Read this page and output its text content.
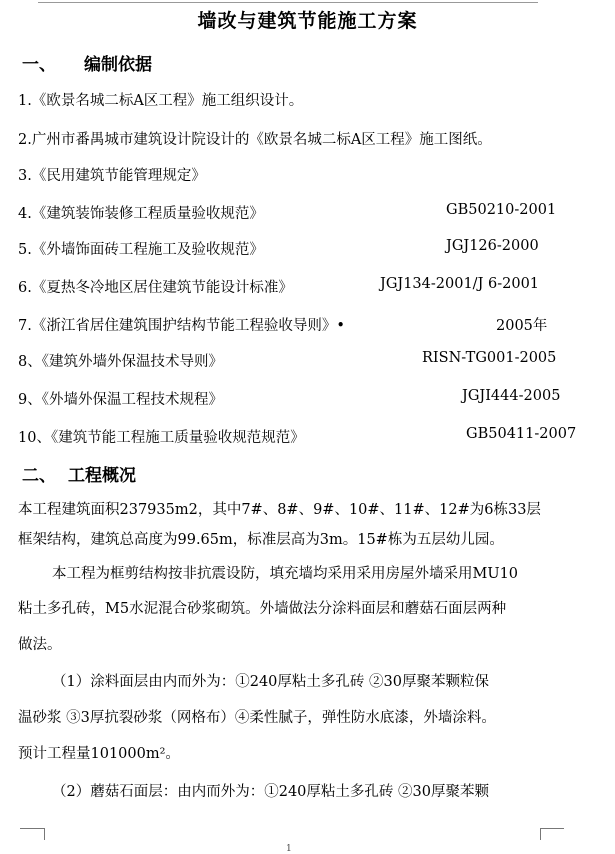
墙改与建筑节能施工方案
一、 编制依据
1.《欧景名城二标A区工程》施工组织设计。
2.广州市番禺城市建筑设计院设计的《欧景名城二标A区工程》施工图纸。
3.《民用建筑节能管理规定》
4.《建筑装饰装修工程质量验收规范》	GB50210-2001
5.《外墙饰面砖工程施工及验收规范》	JGJ126-2000
6.《夏热冬冷地区居住建筑节能设计标准》	JGJ134-2001/J 6-2001
7.《浙江省居住建筑围护结构节能工程验收导则》•	2005年
8、《建筑外墙外保温技术导则》	RISN-TG001-2005
9、《外墙外保温工程技术规程》	JGJI444-2005
10、《建筑节能工程施工质量验收规范规范》	GB50411-2007
二、 工程概况
本工程建筑面积237935m2，其中7#、8#、9#、10#、11#、12#为6栋33层
框架结构，建筑总高度为99.65m，标准层高为3m。15#栋为五层幼儿园。
本工程为框剪结构按非抗震设防，填充墙均采用采用房屋外墙采用MU10
粘土多孔砖，M5水泥混合砂浆砌筑。外墙做法分涂料面层和蘑菇石面层两种
做法。
（1）涂料面层由内而外为：①240厚粘土多孔砖 ②30厚聚苯颗粒保
温砂浆 ③3厚抗裂砂浆（网格布）④柔性腻子，弹性防水底漆，外墙涂料。
预计工程量101000m²。
（2）蘑菇石面层：由内而外为：①240厚粘土多孔砖 ②30厚聚苯颗
1
